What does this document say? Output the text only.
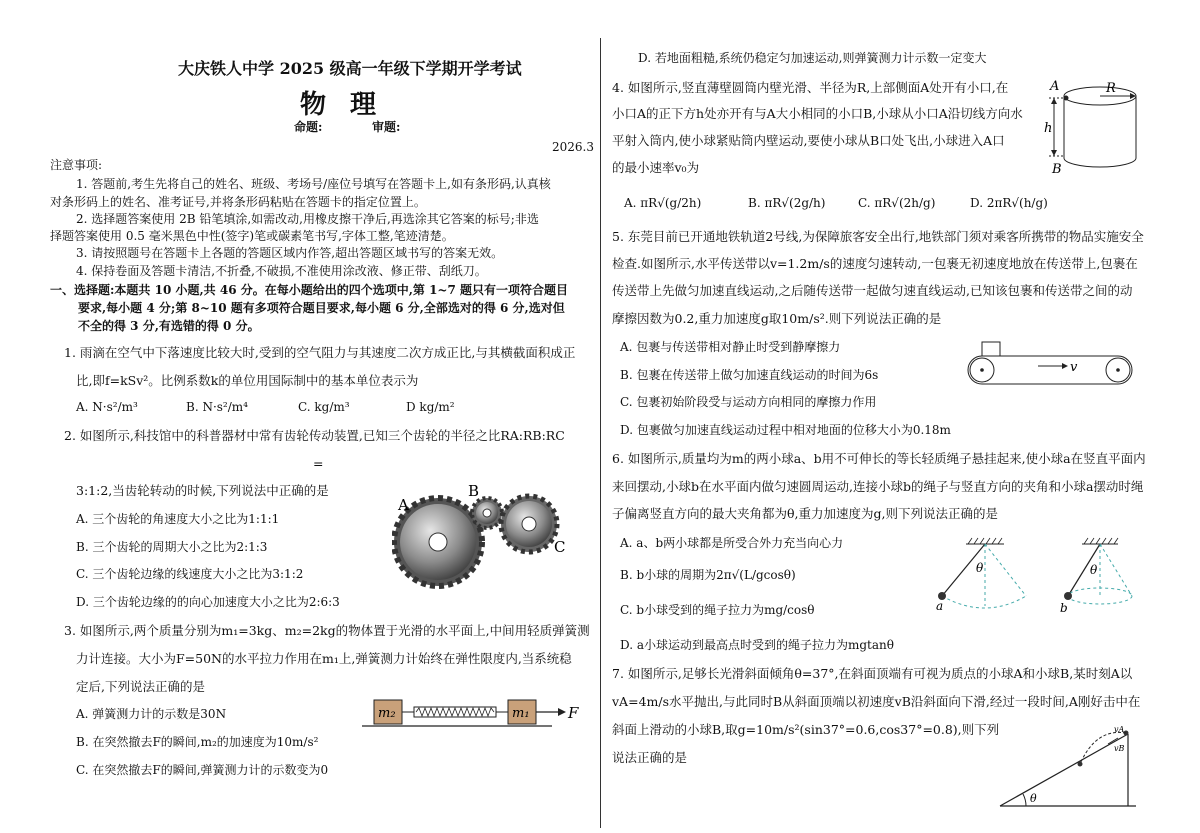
大庆铁人中学 2025 级高一年级下学期开学考试
物理
命题:	审题:
2026.3
注意事项:
1. 答题前,考生先将自己的姓名、班级、考场号/座位号填写在答题卡上,如有条形码,认真核
对条形码上的姓名、准考证号,并将条形码粘贴在答题卡的指定位置上。
2. 选择题答案使用 2B 铅笔填涂,如需改动,用橡皮擦干净后,再选涂其它答案的标号;非选
择题答案使用 0.5 毫米黑色中性(签字)笔或碳素笔书写,字体工整,笔迹清楚。
3. 请按照题号在答题卡上各题的答题区域内作答,超出答题区域书写的答案无效。
4. 保持卷面及答题卡清洁,不折叠,不破损,不准使用涂改液、修正带、刮纸刀。
一、选择题:本题共 10 小题,共 46 分。在每小题给出的四个选项中,第 1~7 题只有一项符合题目
要求,每小题 4 分;第 8~10 题有多项符合题目要求,每小题 6 分,全部选对的得 6 分,选对但
不全的得 3 分,有选错的得 0 分。
1. 雨滴在空气中下落速度比较大时,受到的空气阻力与其速度二次方成正比,与其横截面积成正
比,即f=kSv²。比例系数k的单位用国际制中的基本单位表示为
A. N·s²/m³	B. N·s²/m⁴	C. kg/m³	D kg/m²
2. 如图所示,科技馆中的科普器材中常有齿轮传动装置,已知三个齿轮的半径之比RA:RB:RC
=
3:1:2,当齿轮转动的时候,下列说法中正确的是
A. 三个齿轮的角速度大小之比为1:1:1
B. 三个齿轮的周期大小之比为2:1:3
C. 三个齿轮边缘的线速度大小之比为3:1:2
D. 三个齿轮边缘的的向心加速度大小之比为2:6:3
A
B
C
3. 如图所示,两个质量分别为m₁=3kg、m₂=2kg的物体置于光滑的水平面上,中间用轻质弹簧测
力计连接。大小为F=50N的水平拉力作用在m₁上,弹簧测力计始终在弹性限度内,当系统稳
定后,下列说法正确的是
A. 弹簧测力计的示数是30N
B. 在突然撤去F的瞬间,m₂的加速度为10m/s²
C. 在突然撤去F的瞬间,弹簧测力计的示数变为0
m₂	m₁	F
D. 若地面粗糙,系统仍稳定匀加速运动,则弹簧测力计示数一定变大
4. 如图所示,竖直薄壁圆筒内壁光滑、半径为R,上部侧面A处开有小口,在
小口A的正下方h处亦开有与A大小相同的小口B,小球从小口A沿切线方向水
平射入筒内,使小球紧贴筒内壁运动,要使小球从B口处飞出,小球进入A口
的最小速率v₀为
A. πR√(g/2h)	B. πR√(2g/h)	C. πR√(2h/g)	D. 2πR√(h/g)
A	R
h
B
5. 东莞目前已开通地铁轨道2号线,为保障旅客安全出行,地铁部门须对乘客所携带的物品实施安全
检查.如图所示,水平传送带以v=1.2m/s的速度匀速转动,一包裹无初速度地放在传送带上,包裹在
传送带上先做匀加速直线运动,之后随传送带一起做匀速直线运动,已知该包裹和传送带之间的动
摩擦因数为0.2,重力加速度g取10m/s².则下列说法正确的是
A. 包裹与传送带相对静止时受到静摩擦力
B. 包裹在传送带上做匀加速直线运动的时间为6s
C. 包裹初始阶段受与运动方向相同的摩擦力作用
D. 包裹做匀加速直线运动过程中相对地面的位移大小为0.18m
v
6. 如图所示,质量均为m的两小球a、b用不可伸长的等长轻质绳子悬挂起来,使小球a在竖直平面内
来回摆动,小球b在水平面内做匀速圆周运动,连接小球b的绳子与竖直方向的夹角和小球a摆动时绳
子偏离竖直方向的最大夹角都为θ,重力加速度为g,则下列说法正确的是
A. a、b两小球都是所受合外力充当向心力
B. b小球的周期为2π√(L/gcosθ)
C. b小球受到的绳子拉力为mg/cosθ
D. a小球运动到最高点时受到的绳子拉力为mgtanθ
θ
a
θ
b
7. 如图所示,足够长光滑斜面倾角θ=37°,在斜面顶端有可视为质点的小球A和小球B,某时刻A以
vA=4m/s水平抛出,与此同时B从斜面顶端以初速度vB沿斜面向下滑,经过一段时间,A刚好击中在
斜面上滑动的小球B,取g=10m/s²(sin37°=0.6,cos37°=0.8),则下列
说法正确的是
θ
vA
vB
